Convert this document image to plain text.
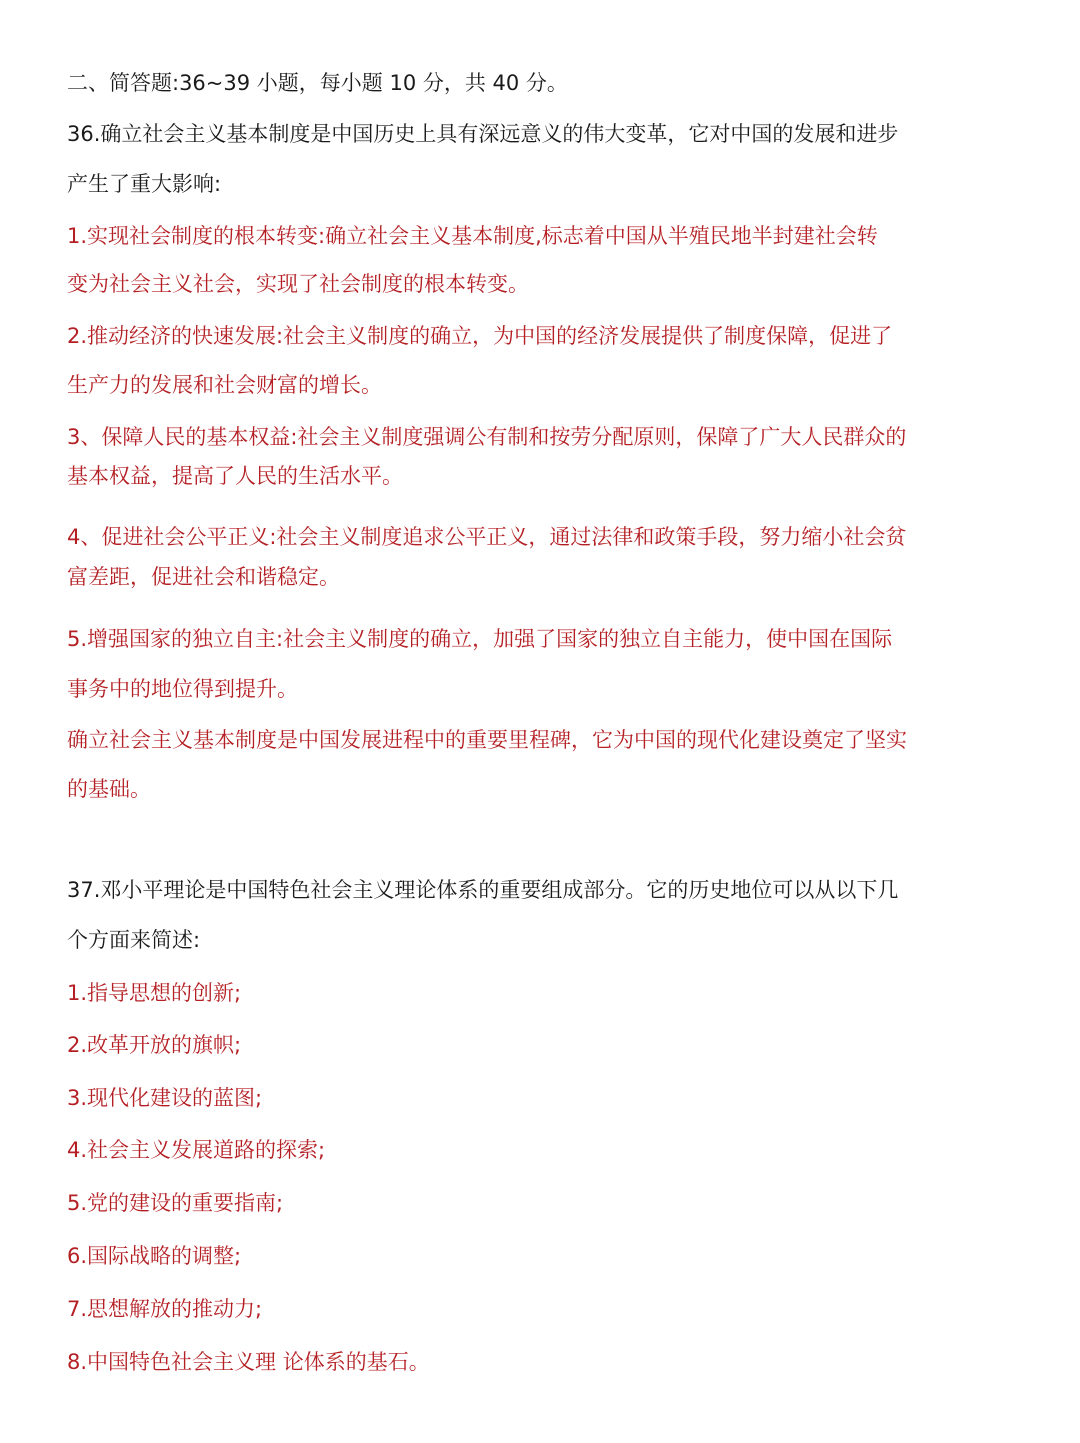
二、简答题:36~39 小题，每小题 10 分，共 40 分。
36.确立社会主义基本制度是中国历史上具有深远意义的伟大变革，它对中国的发展和进步
产生了重大影响:
1.实现社会制度的根本转变:确立社会主义基本制度,标志着中国从半殖民地半封建社会转
变为社会主义社会，实现了社会制度的根本转变。
2.推动经济的快速发展:社会主义制度的确立，为中国的经济发展提供了制度保障，促进了
生产力的发展和社会财富的增长。
3、保障人民的基本权益:社会主义制度强调公有制和按劳分配原则，保障了广大人民群众的
基本权益，提高了人民的生活水平。
4、促进社会公平正义:社会主义制度追求公平正义，通过法律和政策手段，努力缩小社会贫
富差距，促进社会和谐稳定。
5.增强国家的独立自主:社会主义制度的确立，加强了国家的独立自主能力，使中国在国际
事务中的地位得到提升。
确立社会主义基本制度是中国发展进程中的重要里程碑，它为中国的现代化建设奠定了坚实
的基础。
37.邓小平理论是中国特色社会主义理论体系的重要组成部分。它的历史地位可以从以下几
个方面来简述:
1.指导思想的创新;
2.改革开放的旗帜;
3.现代化建设的蓝图;
4.社会主义发展道路的探索;
5.党的建设的重要指南;
6.国际战略的调整;
7.思想解放的推动力;
8.中国特色社会主义理 论体系的基石。
